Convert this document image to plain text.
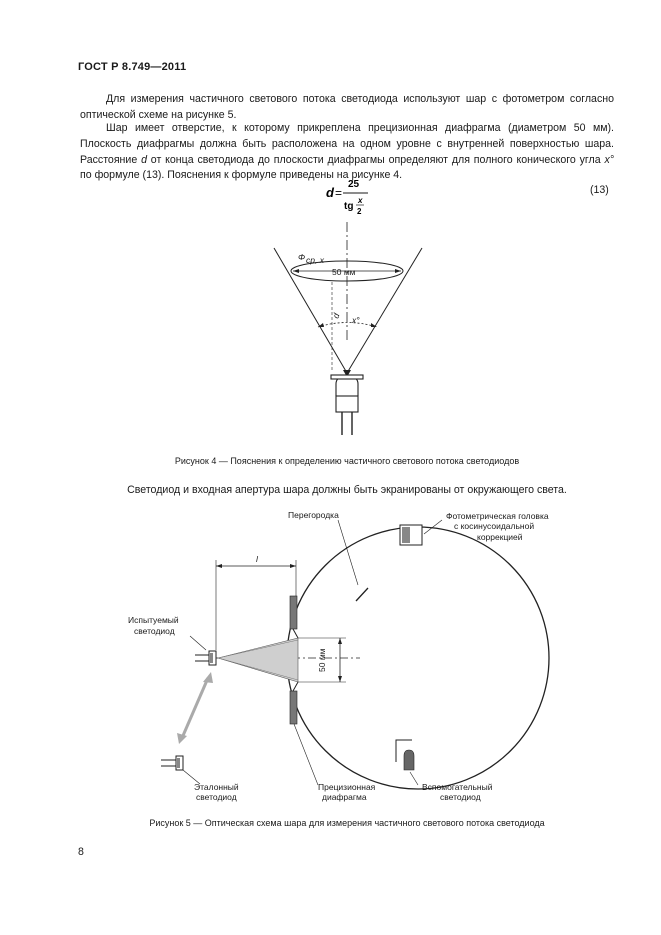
ГОСТ Р 8.749—2011
Для измерения частичного светового потока светодиода используют шар с фотометром согласно оптической схеме на рисунке 5.
Шар имеет отверстие, к которому прикреплена прецизионная диафрагма (диаметром 50 мм). Плоскость диафрагмы должна быть расположена на одном уровне с внутренней поверхностью шара. Расстояние d от конца светодиода до плоскости диафрагмы определяют для полного конического угла x° по формуле (13). Пояснения к формуле приведены на рисунке 4.
d =
25
tg
x
2
(13)
50 мм
Φ ср, x
d x°
Рисунок 4 — Пояснения к определению частичного светового потока светодиодов
Светодиод и входная апертура шара должны быть экранированы от окружающего света.
Фотометрическая головка
с косинусоидальной
коррекцией
Перегородка
l
50 мм
Испытуемый
светодиод
Эталонный
светодиод
Прецизионная
диафрагма
Вспомогательный
светодиод
Рисунок 5 — Оптическая схема шара для измерения частичного светового потока светодиода
8
